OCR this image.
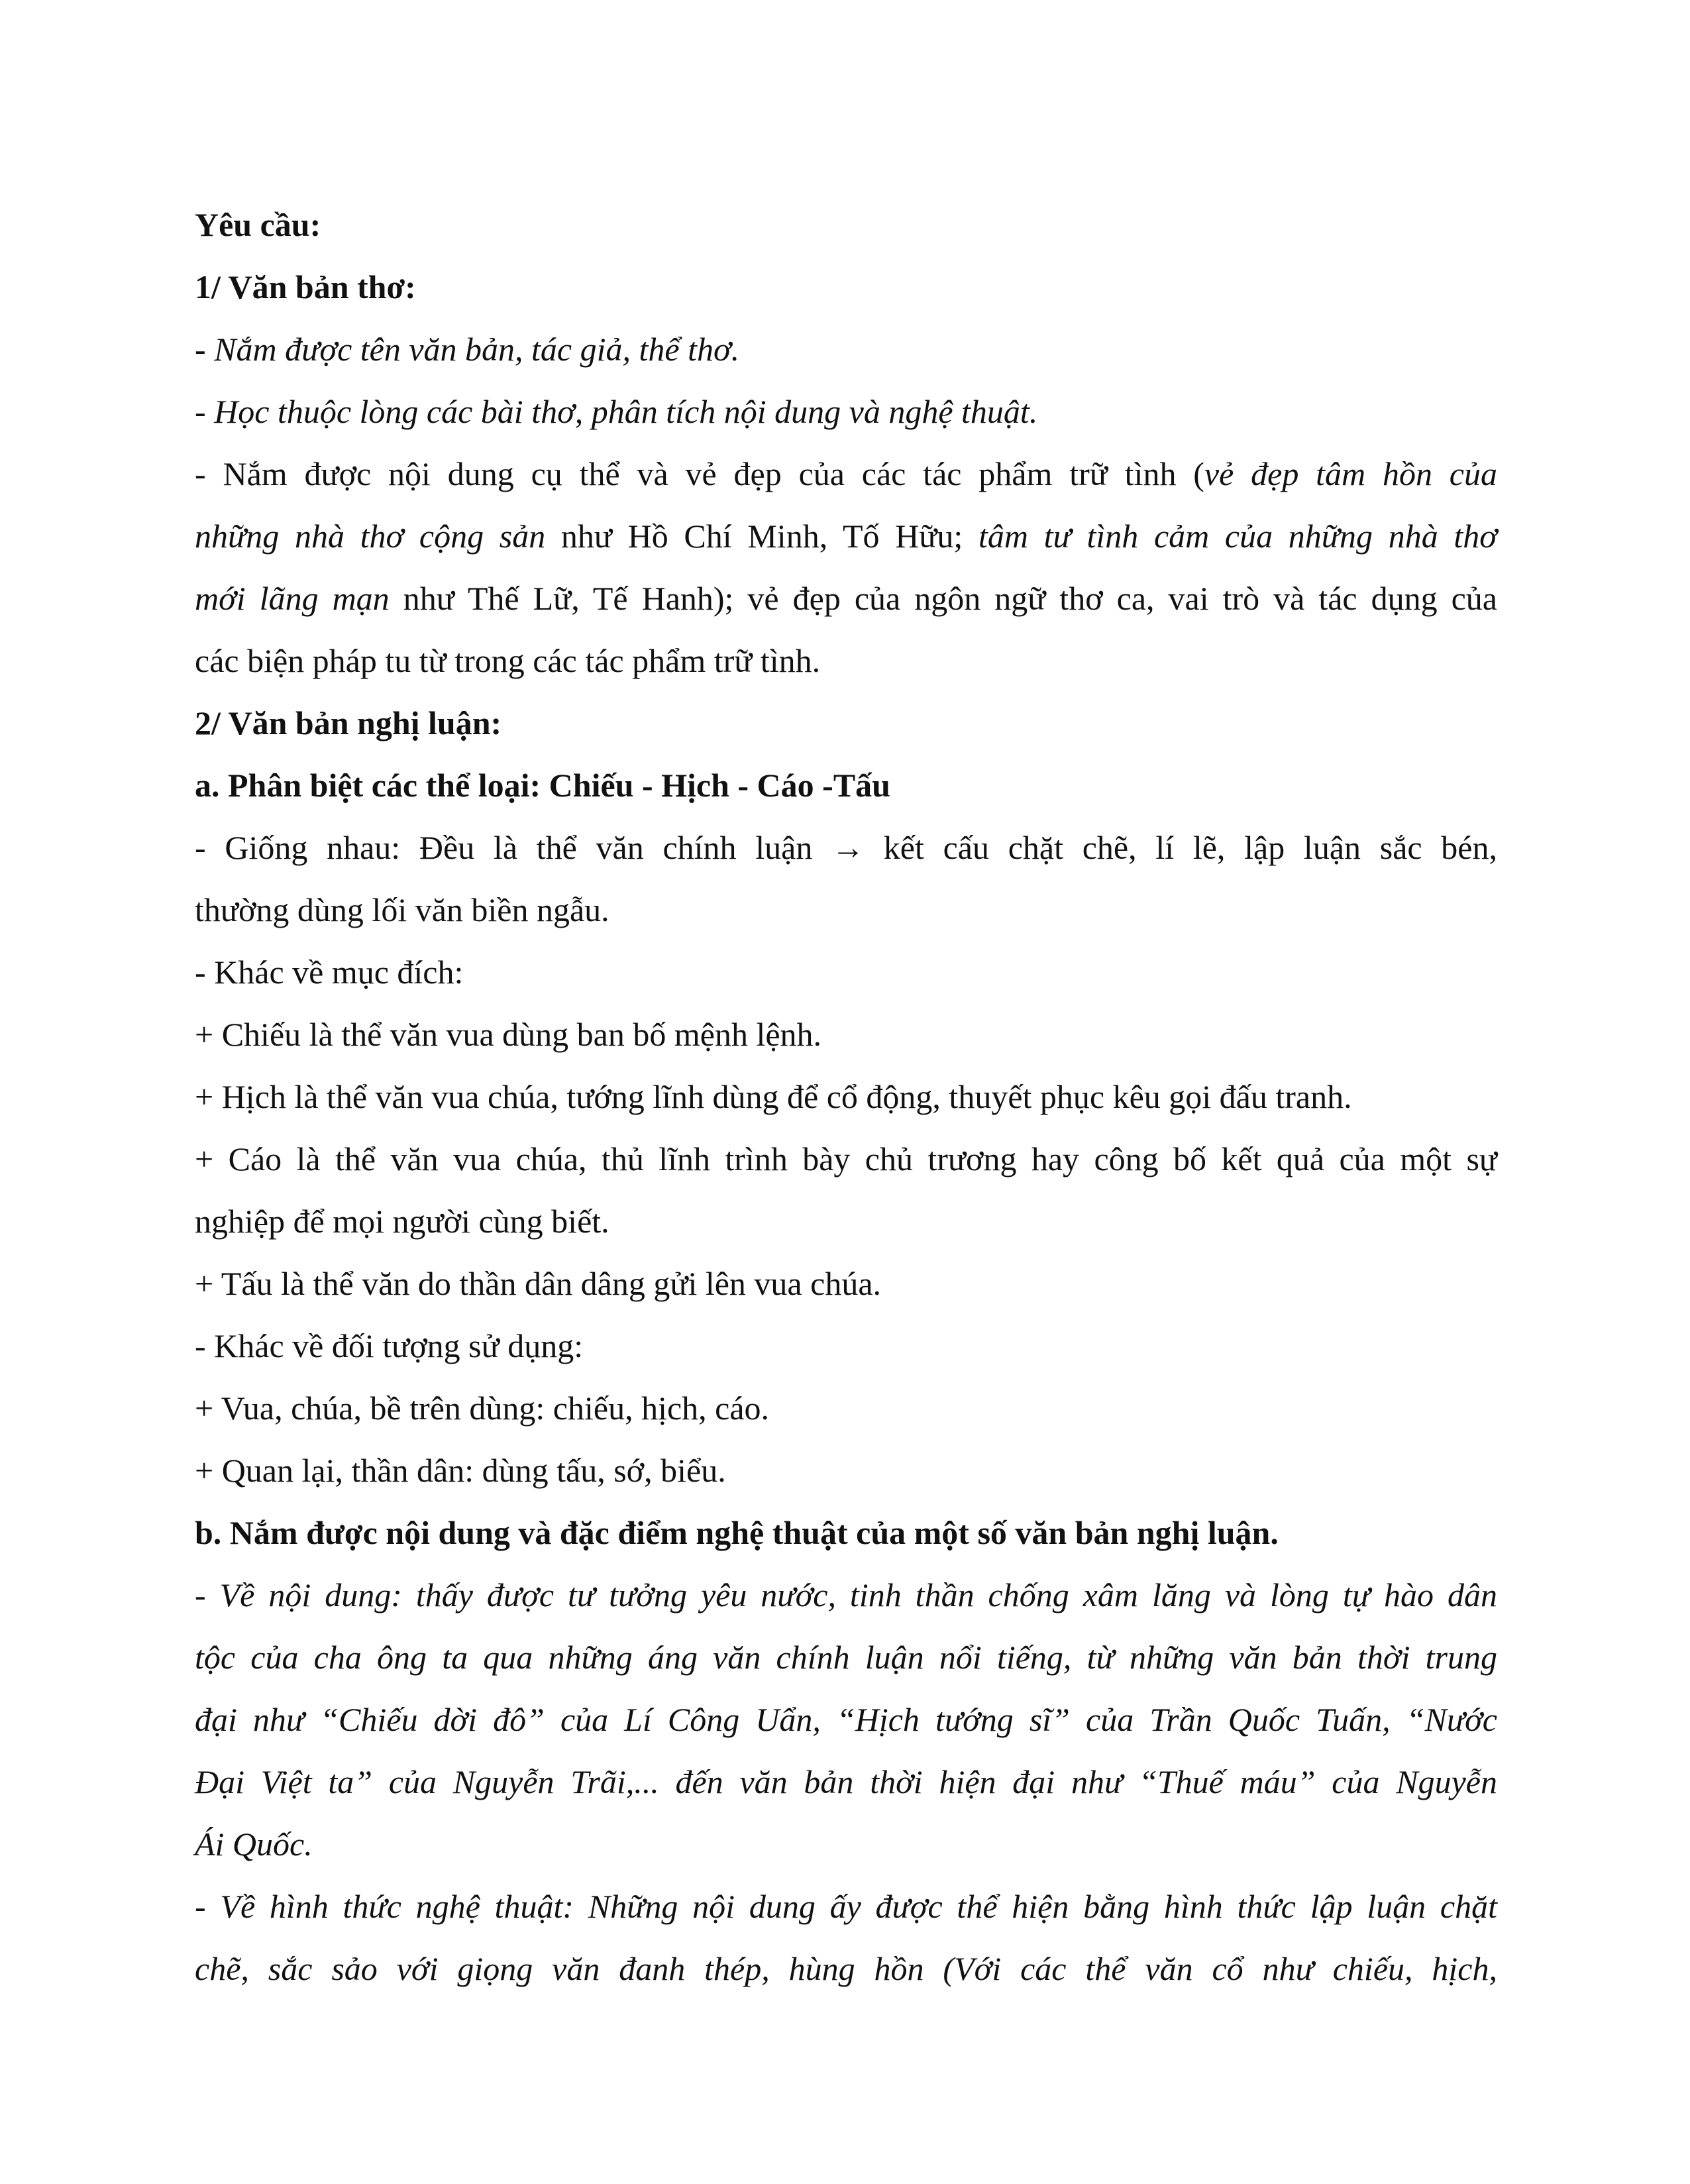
Yêu cầu:

1/ Văn bản thơ:

- Nắm được tên văn bản, tác giả, thể thơ.

- Học thuộc lòng các bài thơ, phân tích nội dung và nghệ thuật.

- Nắm được nội dung cụ thể và vẻ đẹp của các tác phẩm trữ tình (vẻ đẹp tâm hồn của

những nhà thơ cộng sản như Hồ Chí Minh, Tố Hữu; tâm tư tình cảm của những nhà thơ

mới lãng mạn như Thế Lữ, Tế Hanh); vẻ đẹp của ngôn ngữ thơ ca, vai trò và tác dụng của

các biện pháp tu từ trong các tác phẩm trữ tình.

2/ Văn bản nghị luận:

a. Phân biệt các thể loại: Chiếu - Hịch - Cáo -Tấu

- Giống nhau: Đều là thể văn chính luận → kết cấu chặt chẽ, lí lẽ, lập luận sắc bén,

thường dùng lối văn biền ngẫu.

- Khác về mục đích:

+ Chiếu là thể văn vua dùng ban bố mệnh lệnh.

+ Hịch là thể văn vua chúa, tướng lĩnh dùng để cổ động, thuyết phục kêu gọi đấu tranh.

+ Cáo là thể văn vua chúa, thủ lĩnh trình bày chủ trương hay công bố kết quả của một sự

nghiệp để mọi người cùng biết.

+ Tấu là thể văn do thần dân dâng gửi lên vua chúa.

- Khác về đối tượng sử dụng:

+ Vua, chúa, bề trên dùng: chiếu, hịch, cáo.

+ Quan lại, thần dân: dùng tấu, sớ, biểu.

b. Nắm được nội dung và đặc điểm nghệ thuật của một số văn bản nghị luận.

- Về nội dung: thấy được tư tưởng yêu nước, tinh thần chống xâm lăng và lòng tự hào dân

tộc của cha ông ta qua những áng văn chính luận nổi tiếng, từ những văn bản thời trung

đại như “Chiếu dời đô” của Lí Công Uẩn, “Hịch tướng sĩ” của Trần Quốc Tuấn, “Nước

Đại Việt ta” của Nguyễn Trãi,... đến văn bản thời hiện đại như “Thuế máu” của Nguyễn

Ái Quốc.

- Về hình thức nghệ thuật: Những nội dung ấy được thể hiện bằng hình thức lập luận chặt

chẽ, sắc sảo với giọng văn đanh thép, hùng hồn (Với các thể văn cổ như chiếu, hịch,
